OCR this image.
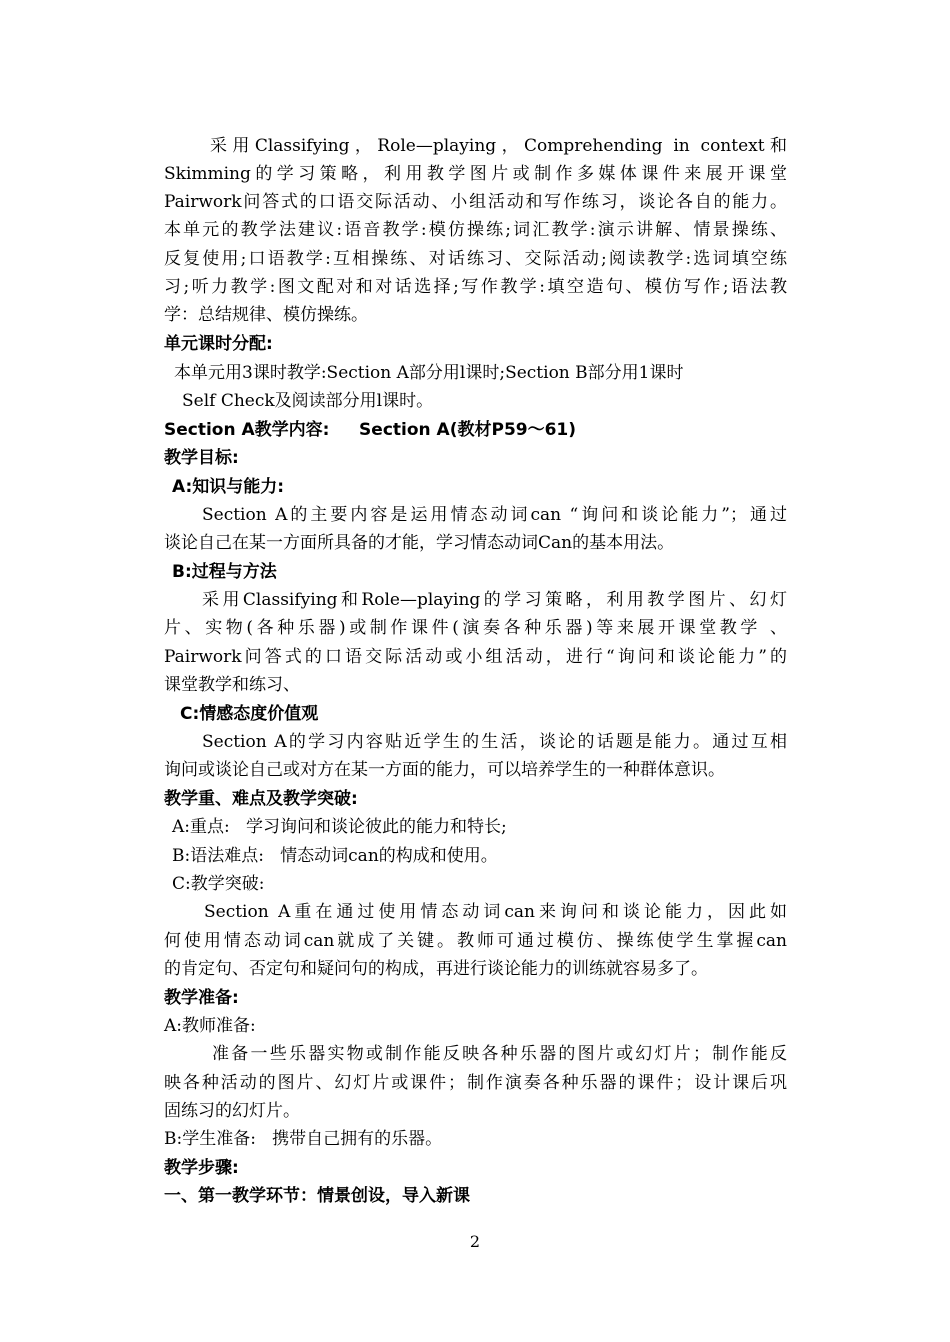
采用Classifying，Role—playing，Comprehending in context和
Skimming的学习策略，利用教学图片或制作多媒体课件来展开课堂
Pairwork问答式的口语交际活动、小组活动和写作练习，谈论各自的能力。
本单元的教学法建议:语音教学:模仿操练;词汇教学:演示讲解、情景操练、
反复使用;口语教学:互相操练、对话练习、交际活动;阅读教学:选词填空练
习;听力教学:图文配对和对话选择;写作教学:填空造句、模仿写作;语法教
学：总结规律、模仿操练。
单元课时分配:
本单元用3课时教学:Section A部分用l课时;Section B部分用1课时
Self Check及阅读部分用l课时。
Section A教学内容:     Section A(教材P59～61)
教学目标:
A:知识与能力:
Section A的主要内容是运用情态动词can “询问和谈论能力”；通过
谈论自己在某一方面所具备的才能，学习情态动词Can的基本用法。
B:过程与方法
采用Classifying和Role—playing的学习策略，利用教学图片、幻灯
片、实物(各种乐器)或制作课件(演奏各种乐器)等来展开课堂教学 、
Pairwork问答式的口语交际活动或小组活动，进行“询问和谈论能力”的
课堂教学和练习、
C:情感态度价值观
Section A的学习内容贴近学生的生活，谈论的话题是能力。通过互相
询问或谈论自己或对方在某一方面的能力，可以培养学生的一种群体意识。
教学重、难点及教学突破:
A:重点:   学习询问和谈论彼此的能力和特长;
B:语法难点:   情态动词can的构成和使用。
C:教学突破:
Section A重在通过使用情态动词can来询问和谈论能力，因此如
何使用情态动词can就成了关键。教师可通过模仿、操练使学生掌握can
的肯定句、否定句和疑问句的构成，再进行谈论能力的训练就容易多了。
教学准备:
A:教师准备:
准备一些乐器实物或制作能反映各种乐器的图片或幻灯片；制作能反
映各种活动的图片、幻灯片或课件；制作演奏各种乐器的课件；设计课后巩
固练习的幻灯片。
B:学生准备:   携带自己拥有的乐器。
教学步骤:
一、第一教学环节：情景创设，导入新课
2
